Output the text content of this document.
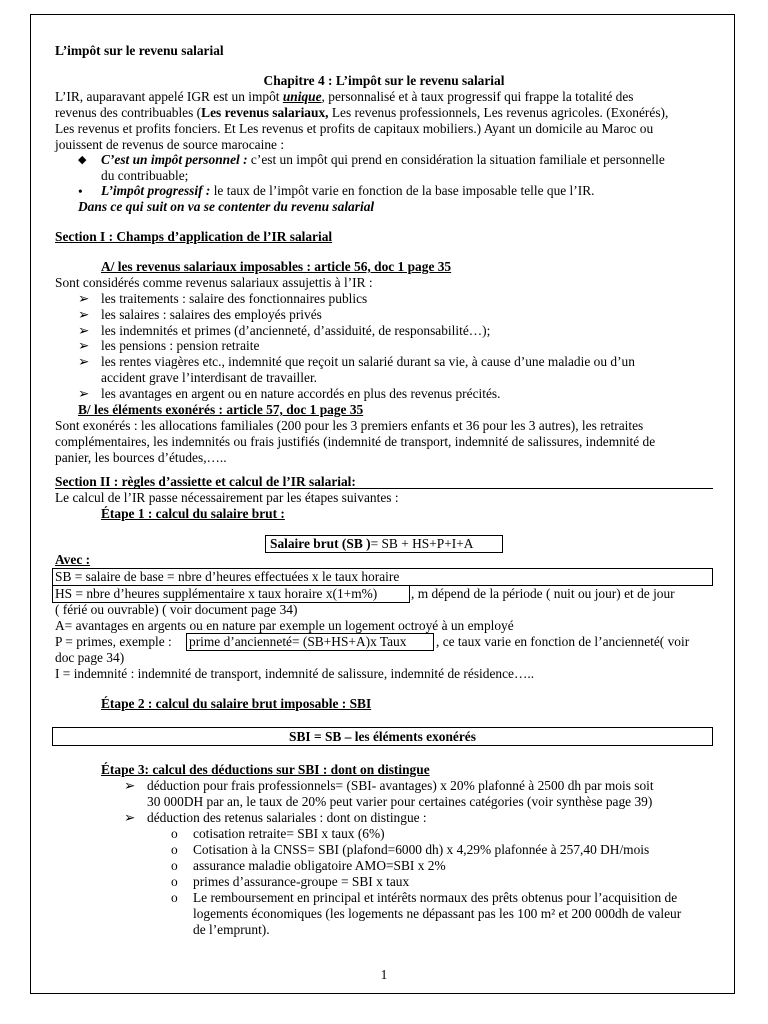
L’impôt sur le revenu salarial
Chapitre 4 : L’impôt sur le revenu salarial
L’IR, auparavant appelé IGR est un impôt unique, personnalisé et à taux progressif qui frappe la totalité des
revenus des contribuables (Les revenus salariaux, Les revenus professionnels, Les revenus agricoles. (Exonérés),
Les revenus et profits fonciers. Et Les revenus et profits de capitaux mobiliers.) Ayant un domicile au Maroc ou
jouissent de revenus de source marocaine :
◆ C’est un impôt personnel : c’est un impôt qui prend en considération la situation familiale et personnelle
du contribuable;
• L’impôt progressif : le taux de l’impôt varie en fonction de la base imposable telle que l’IR.
Dans ce qui suit on va se contenter du revenu salarial
Section I : Champs d’application de l’IR salarial
A/ les revenus salariaux imposables : article 56, doc 1 page 35
Sont considérés comme revenus salariaux assujettis à l’IR :
➢ les traitements : salaire des fonctionnaires publics
➢ les salaires : salaires des employés privés
➢ les indemnités et primes (d’ancienneté, d’assiduité, de responsabilité…);
➢ les pensions : pension retraite
➢ les rentes viagères etc., indemnité que reçoit un salarié durant sa vie, à cause d’une maladie ou d’un
accident grave l’interdisant de travailler.
➢ les avantages en argent ou en nature accordés en plus des revenus précités.
B/ les éléments exonérés : article 57, doc 1 page 35
Sont exonérés : les allocations familiales (200 pour les 3 premiers enfants et 36 pour les 3 autres), les retraites
complémentaires, les indemnités ou frais justifiés (indemnité de transport, indemnité de salissures, indemnité de
panier, les bources d’études,…..
Section II : règles d’assiette et calcul de l’IR salarial:
Le calcul de l’IR passe nécessairement par les étapes suivantes :
Étape 1 : calcul du salaire brut :
Salaire brut (SB )= SB + HS+P+I+A
Avec :
SB = salaire de base = nbre d’heures effectuées x le taux horaire
HS = nbre d’heures supplémentaire x taux horaire x(1+m%)	, m dépend de la période ( nuit ou jour) et de jour
( férié ou ouvrable) ( voir document page 34)
A= avantages en argents ou en nature par exemple un logement octroyé à un employé
P = primes, exemple : prime d’ancienneté= (SB+HS+A)x Taux , ce taux varie en fonction de l’ancienneté( voir
doc page 34)
I = indemnité : indemnité de transport, indemnité de salissure, indemnité de résidence…..
Étape 2 : calcul du salaire brut imposable : SBI
SBI = SB – les éléments exonérés
Étape 3: calcul des déductions sur SBI : dont on distingue
➢ déduction pour frais professionnels= (SBI- avantages) x 20% plafonné à 2500 dh par mois soit
30 000DH par an, le taux de 20% peut varier pour certaines catégories (voir synthèse page 39)
➢ déduction des retenus salariales : dont on distingue :
o cotisation retraite= SBI x taux (6%)
o Cotisation à la CNSS= SBI (plafond=6000 dh) x 4,29% plafonnée à 257,40 DH/mois
o assurance maladie obligatoire AMO=SBI x 2%
o primes d’assurance-groupe = SBI x taux
o Le remboursement en principal et intérêts normaux des prêts obtenus pour l’acquisition de
logements économiques (les logements ne dépassant pas les 100 m² et 200 000dh de valeur
de l’emprunt).
1
